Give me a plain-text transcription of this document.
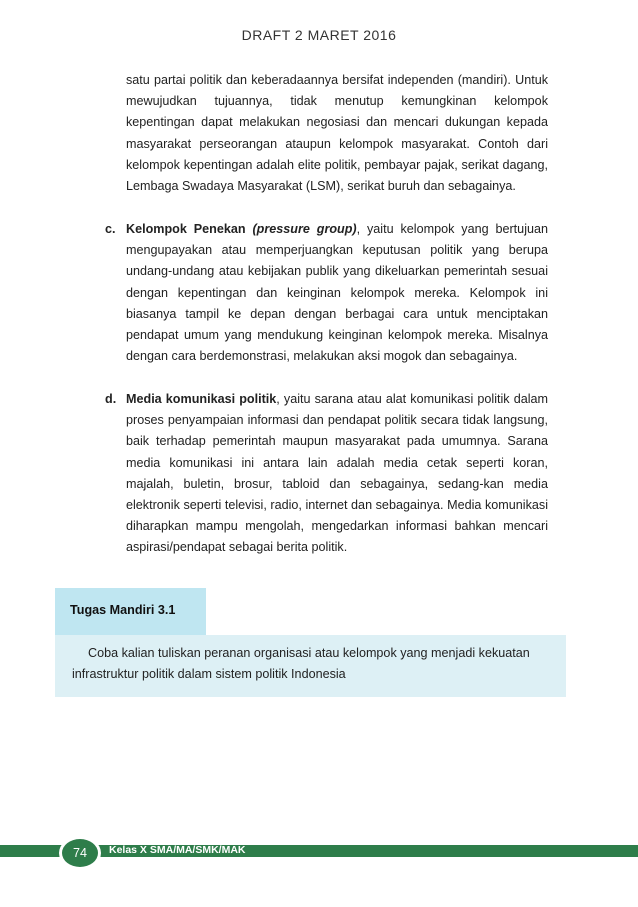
DRAFT 2 MARET 2016
satu partai politik dan keberadaannya bersifat independen (mandiri). Untuk mewujudkan tujuannya, tidak menutup kemungkinan kelompok kepentingan dapat melakukan negosiasi dan mencari dukungan kepada masyarakat perseorangan ataupun kelompok masyarakat. Contoh dari kelompok kepentingan adalah elite politik, pembayar pajak, serikat dagang, Lembaga Swadaya Masyarakat (LSM), serikat buruh dan sebagainya.
c. Kelompok Penekan (pressure group), yaitu kelompok yang bertujuan mengupayakan atau memperjuangkan keputusan politik yang berupa undang-undang atau kebijakan publik yang dikeluarkan pemerintah sesuai dengan kepentingan dan keinginan kelompok mereka. Kelompok ini biasanya tampil ke depan dengan berbagai cara untuk menciptakan pendapat umum yang mendukung keinginan kelompok mereka. Misalnya dengan cara berdemonstrasi, melakukan aksi mogok dan sebagainya.
d. Media komunikasi politik, yaitu sarana atau alat komunikasi politik dalam proses penyampaian informasi dan pendapat politik secara tidak langsung, baik terhadap pemerintah maupun masyarakat pada umumnya. Sarana media komunikasi ini antara lain adalah media cetak seperti koran, majalah, buletin, brosur, tabloid dan sebagainya, sedang-kan media elektronik seperti televisi, radio, internet dan sebagainya. Media komunikasi diharapkan mampu mengolah, mengedarkan informasi bahkan mencari aspirasi/pendapat sebagai berita politik.
Tugas Mandiri 3.1
Coba kalian tuliskan peranan organisasi atau kelompok yang menjadi kekuatan infrastruktur politik dalam sistem politik Indonesia
74	Kelas X SMA/MA/SMK/MAK
